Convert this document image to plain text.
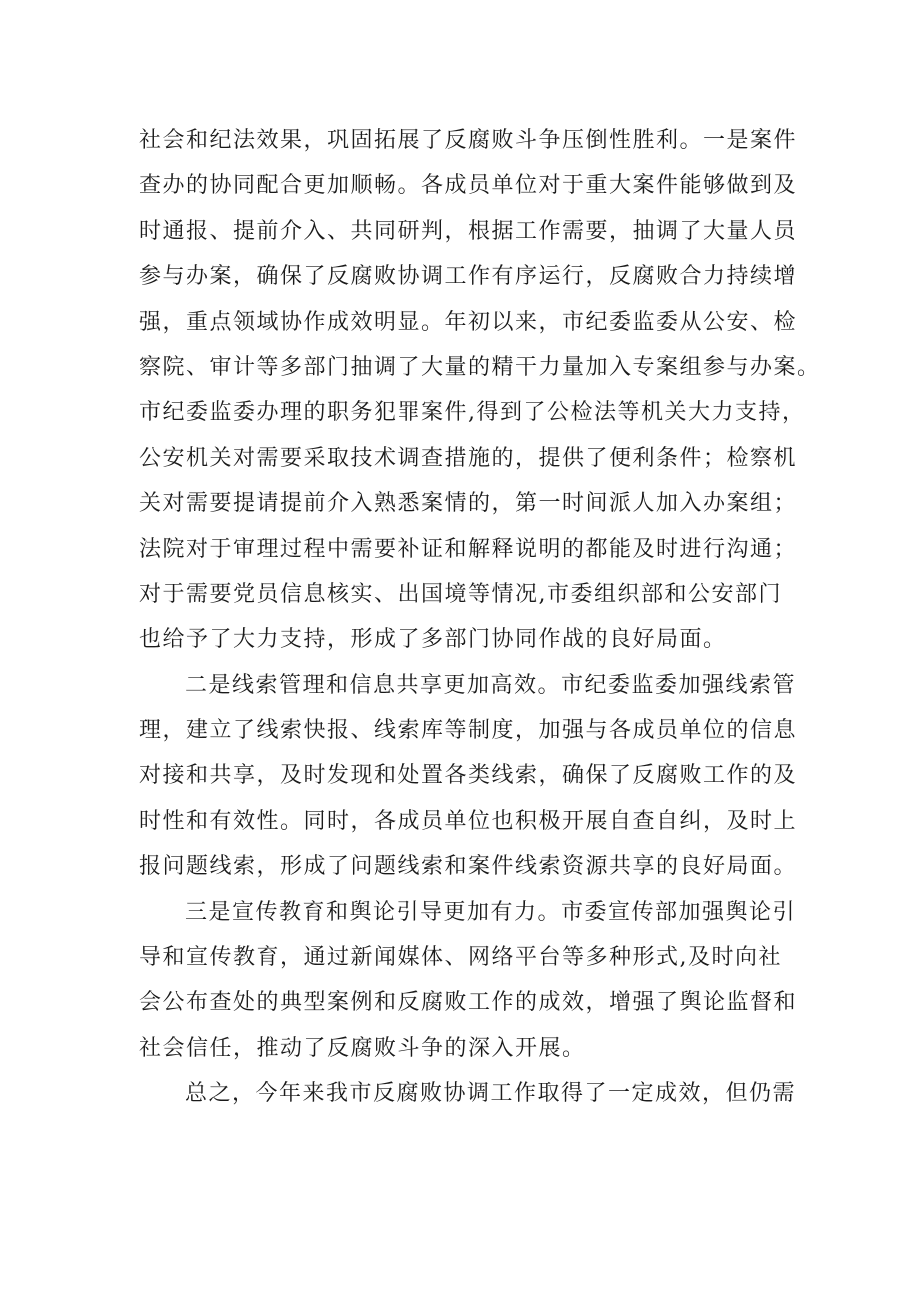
社会和纪法效果，巩固拓展了反腐败斗争压倒性胜利。一是案件
查办的协同配合更加顺畅。各成员单位对于重大案件能够做到及
时通报、提前介入、共同研判，根据工作需要，抽调了大量人员
参与办案，确保了反腐败协调工作有序运行，反腐败合力持续增
强，重点领域协作成效明显。年初以来，市纪委监委从公安、检
察院、审计等多部门抽调了大量的精干力量加入专案组参与办案。
市纪委监委办理的职务犯罪案件,得到了公检法等机关大力支持，
公安机关对需要采取技术调查措施的，提供了便利条件；检察机
关对需要提请提前介入熟悉案情的，第一时间派人加入办案组；
法院对于审理过程中需要补证和解释说明的都能及时进行沟通；
对于需要党员信息核实、出国境等情况,市委组织部和公安部门
也给予了大力支持，形成了多部门协同作战的良好局面。
二是线索管理和信息共享更加高效。市纪委监委加强线索管
理，建立了线索快报、线索库等制度，加强与各成员单位的信息
对接和共享，及时发现和处置各类线索，确保了反腐败工作的及
时性和有效性。同时，各成员单位也积极开展自查自纠，及时上
报问题线索，形成了问题线索和案件线索资源共享的良好局面。
三是宣传教育和舆论引导更加有力。市委宣传部加强舆论引
导和宣传教育，通过新闻媒体、网络平台等多种形式,及时向社
会公布查处的典型案例和反腐败工作的成效，增强了舆论监督和
社会信任，推动了反腐败斗争的深入开展。
总之，今年来我市反腐败协调工作取得了一定成效，但仍需
